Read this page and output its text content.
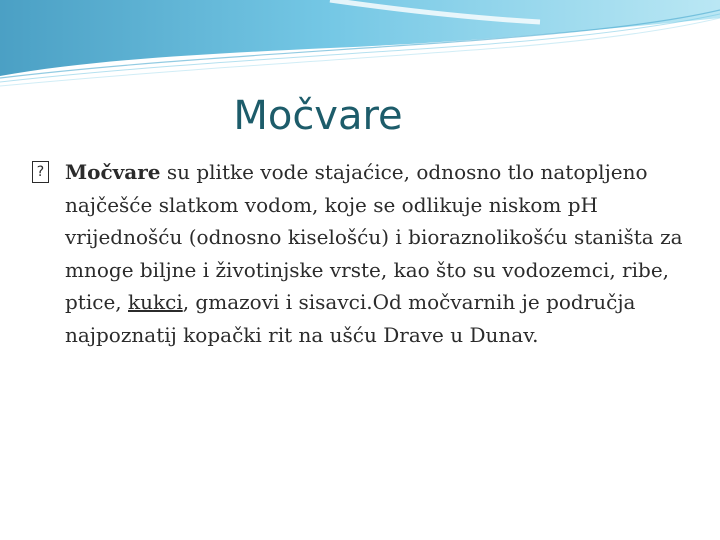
Močvare
? Močvare su plitke vode stajaćice, odnosno tlo natopljeno najčešće slatkom vodom, koje se odlikuje niskom pH vrijednošću (odnosno kiselošću) i bioraznolikošću staništa za mnoge biljne i životinjske vrste, kao što su vodozemci, ribe, ptice, kukci, gmazovi i sisavci.Od močvarnih je područja najpoznatij kopački rit na ušću Drave u Dunav.
